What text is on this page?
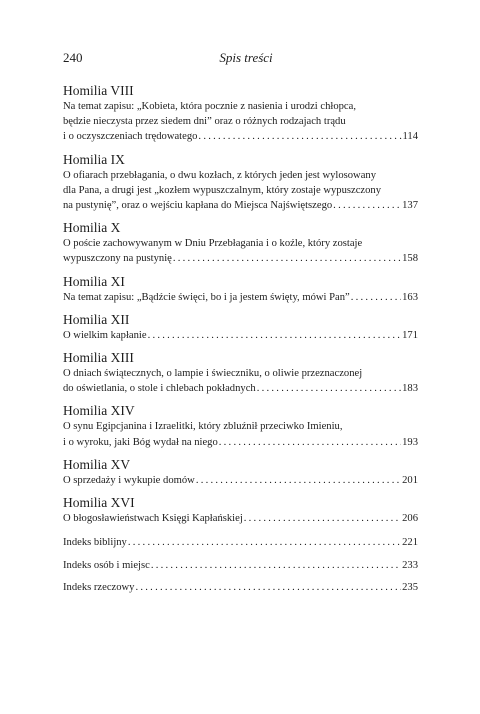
240	Spis treści
Homilia VIII
Na temat zapisu: „Kobieta, która pocznie z nasienia i urodzi chłopca,
będzie nieczysta przez siedem dni” oraz o różnych rodzajach trądu
i o oczyszczeniach trędowatego . . .	114
Homilia IX
O ofiarach przebłagania, o dwu kozłach, z których jeden jest wylosowany
dla Pana, a drugi jest „kozłem wypuszczalnym, który zostaje wypuszczony
na pustynię”, oraz o wejściu kapłana do Miejsca Najświętszego . . .	137
Homilia X
O poście zachowywanym w Dniu Przebłagania i o koźle, który zostaje
wypuszczony na pustynię . . .	158
Homilia XI
Na temat zapisu: „Bądźcie święci, bo i ja jestem święty, mówi Pan” . . .	163
Homilia XII
O wielkim kapłanie . . .	171
Homilia XIII
O dniach świątecznych, o lampie i świeczniku, o oliwie przeznaczonej
do oświetlania, o stole i chlebach pokładnych . . .	183
Homilia XIV
O synu Egipcjanina i Izraelitki, który zbluźnił przeciwko Imieniu,
i o wyroku, jaki Bóg wydał na niego . . .	193
Homilia XV
O sprzedaży i wykupie domów . . .	201
Homilia XVI
O błogosławieństwach Księgi Kapłańskiej . . .	206
Indeks biblijny . . .	221
Indeks osób i miejsc . . .	233
Indeks rzeczowy . . .	235
